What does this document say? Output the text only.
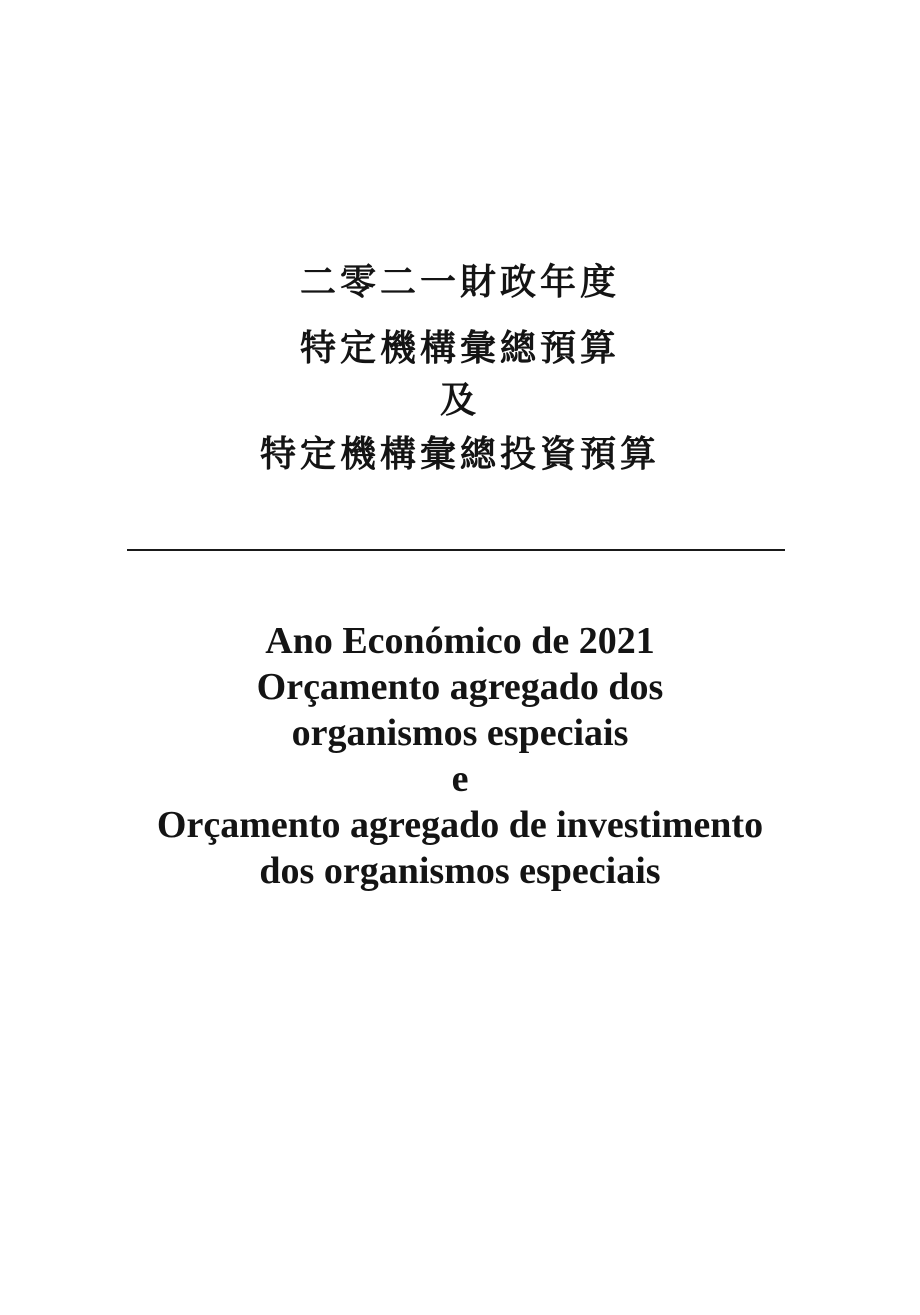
二零二一財政年度
特定機構彙總預算
及
特定機構彙總投資預算
Ano Económico de 2021
Orçamento agregado dos
organismos especiais
e
Orçamento agregado de investimento
dos organismos especiais
